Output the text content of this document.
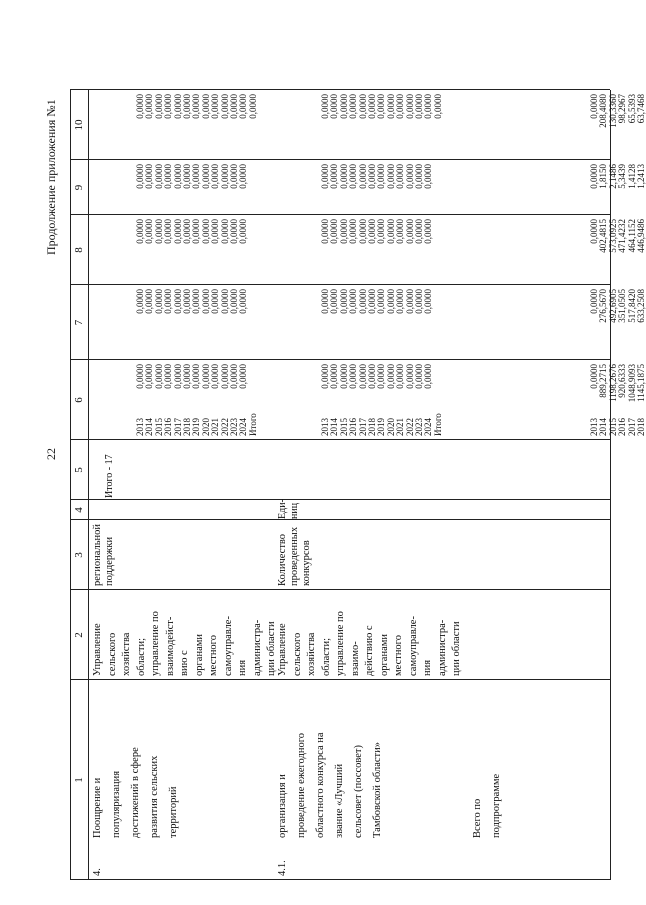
22
Продолжение приложения №1
1
2
3
4
5
6
7
8
9
10
4.
Поощрение и популяризация достижений в сфере развития сельских территорий
Управление сельского хозяйства области; управление по взаимодейст- вию с органами местного самоуправле- ния администра- ции области
региональной поддержки
Итого - 17
2013
2014
2015
2016
2017
2018
2019
2020
2021
2022
2023
2024
Итого
0,0000
0,0000
0,0000
0,0000
0,0000
0,0000
0,0000
0,0000
0,0000
0,0000
0,0000
0,0000
0,0000
0,0000
0,0000
0,0000
0,0000
0,0000
0,0000
0,0000
0,0000
0,0000
0,0000
0,0000
0,0000
0,0000
0,0000
0,0000
0,0000
0,0000
0,0000
0,0000
0,0000
0,0000
0,0000
0,0000
0,0000
0,0000
0,0000
0,0000
0,0000
0,0000
0,0000
0,0000
0,0000
0,0000
0,0000
0,0000
0,0000
0,0000
0,0000
0,0000
0,0000
0,0000
0,0000
0,0000
0,0000
0,0000
0,0000
0,0000
0,0000
4.1.
организация и проведение ежегодного областного конкурса на звание «Лучший сельсовет (поссовет) Тамбовской области»
Управление сельского хозяйства области; управление по взаимо- действию с органами местного самоуправле- ния администра- ции области
Количество проведенных конкурсов
Еди- ниц
2013
2014
2015
2016
2017
2018
2019
2020
2021
2022
2023
2024
Итого
0,0000
0,0000
0,0000
0,0000
0,0000
0,0000
0,0000
0,0000
0,0000
0,0000
0,0000
0,0000
0,0000
0,0000
0,0000
0,0000
0,0000
0,0000
0,0000
0,0000
0,0000
0,0000
0,0000
0,0000
0,0000
0,0000
0,0000
0,0000
0,0000
0,0000
0,0000
0,0000
0,0000
0,0000
0,0000
0,0000
0,0000
0,0000
0,0000
0,0000
0,0000
0,0000
0,0000
0,0000
0,0000
0,0000
0,0000
0,0000
0,0000
0,0000
0,0000
0,0000
0,0000
0,0000
0,0000
0,0000
0,0000
0,0000
0,0000
0,0000
0,0000
Всего по подпрограмме
2013
2014
2015
2016
2017
2018
0,0000
889,2715
1198,2676
920,6333
1048,9093
1145,1875
0,0000
276,5670
492,6905
351,0505
517,8420
633,2508
0,0000
402,4815
573,0925
471,4232
464,1152
446,9486
0,0000
1,8150
2,1486
5,3439
1,4128
1,2413
0,0000
208,4080
130,3360
98,2967
65,5393
63,7468
